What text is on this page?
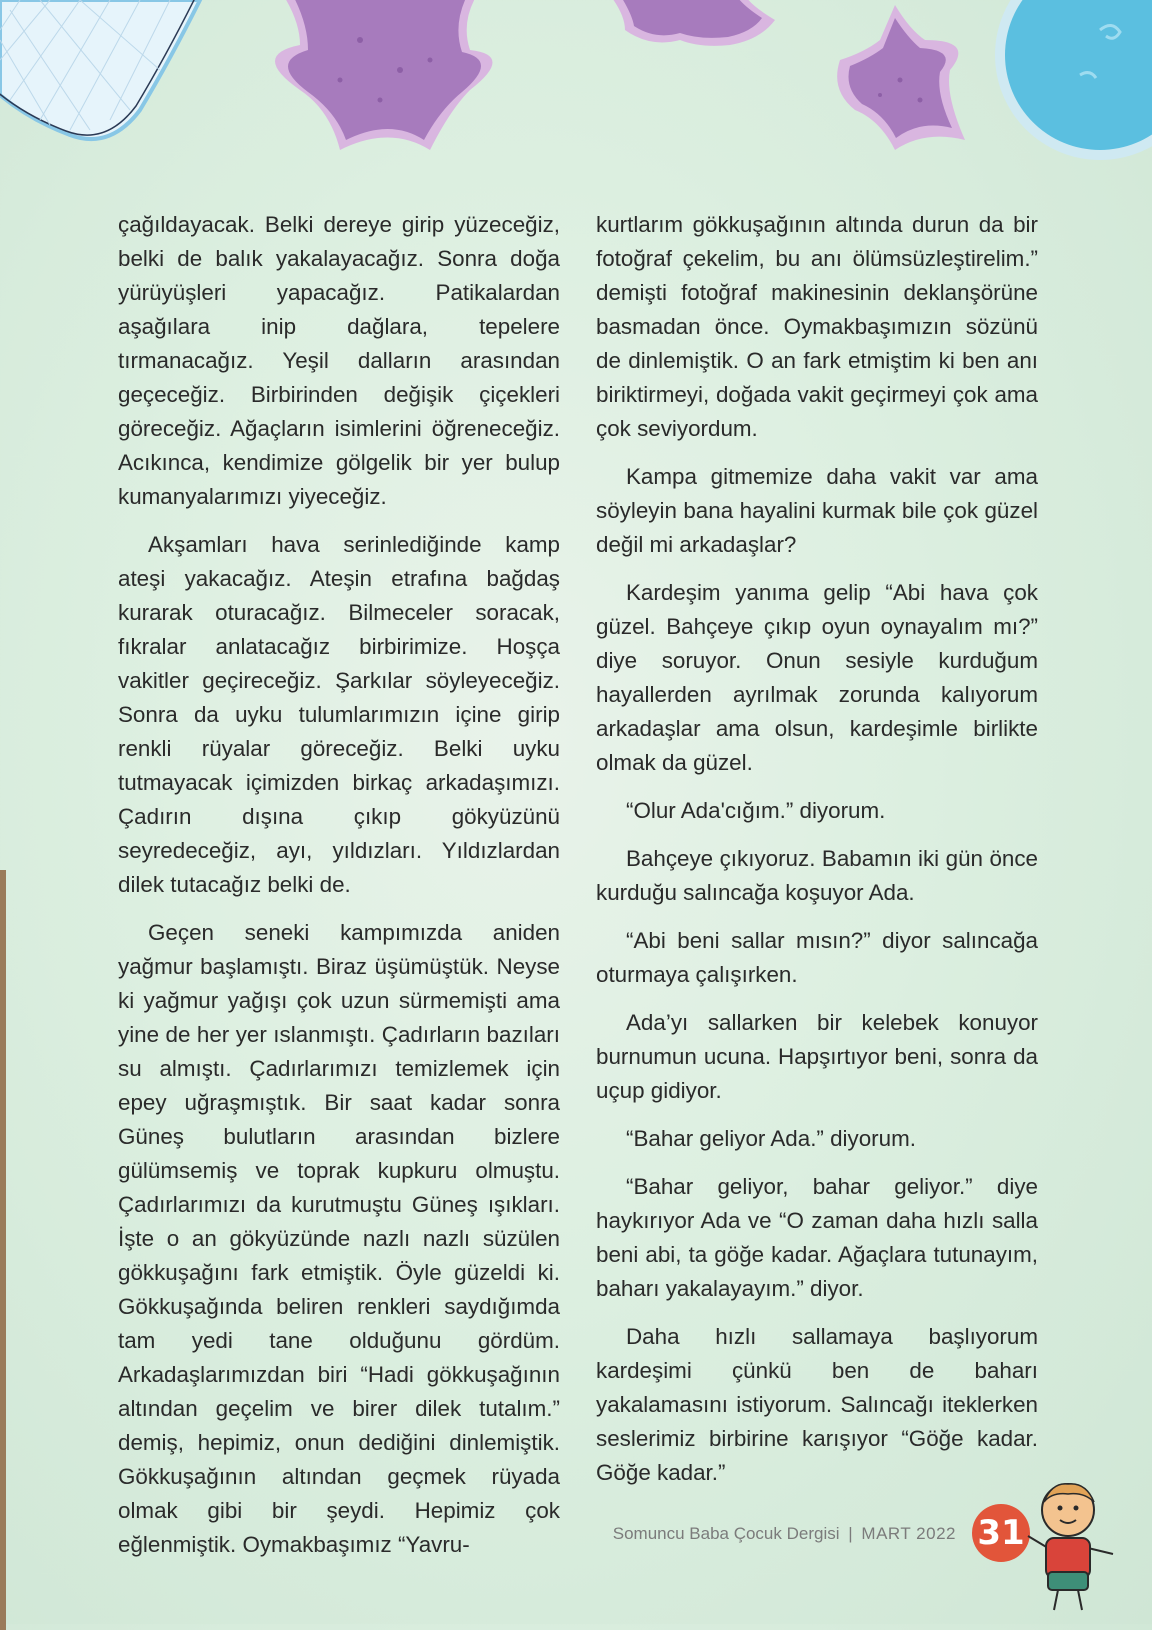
çağıldayacak. Belki dereye girip yüzeceğiz, belki de balık yakalayacağız. Sonra doğa yürüyüşleri yapacağız. Patikalardan aşağılara inip dağlara, tepelere tırmanacağız. Yeşil dalların arasından geçeceğiz. Birbirinden değişik çiçekleri göreceğiz. Ağaçların isimlerini öğreneceğiz. Acıkınca, kendimize gölgelik bir yer bulup kumanyalarımızı yiyeceğiz.

Akşamları hava serinlediğinde kamp ateşi yakacağız. Ateşin etrafına bağdaş kurarak oturacağız. Bilmeceler soracak, fıkralar anlatacağız birbirimize. Hoşça vakitler geçireceğiz. Şarkılar söyleyeceğiz. Sonra da uyku tulumlarımızın içine girip renkli rüyalar göreceğiz. Belki uyku tutmayacak içimizden birkaç arkadaşımızı. Çadırın dışına çıkıp gökyüzünü seyredeceğiz, ayı, yıldızları. Yıldızlardan dilek tutacağız belki de.

Geçen seneki kampımızda aniden yağmur başlamıştı. Biraz üşümüştük. Neyse ki yağmur yağışı çok uzun sürmemişti ama yine de her yer ıslanmıştı. Çadırların bazıları su almıştı. Çadırlarımızı temizlemek için epey uğraşmıştık. Bir saat kadar sonra Güneş bulutların arasından bizlere gülümsemiş ve toprak kupkuru olmuştu. Çadırlarımızı da kurutmuştu Güneş ışıkları. İşte o an gökyüzünde nazlı nazlı süzülen gökkuşağını fark etmiştik. Öyle güzeldi ki. Gökkuşağında beliren renkleri saydığımda tam yedi tane olduğunu gördüm. Arkadaşlarımızdan biri “Hadi gökkuşağının altından geçelim ve birer dilek tutalım.” demiş, hepimiz, onun dediğini dinlemiştik. Gökkuşağının altından geçmek rüyada olmak gibi bir şeydi. Hepimiz çok eğlenmiştik. Oymakbaşımız “Yavru-

kurtlarım gökkuşağının altında durun da bir fotoğraf çekelim, bu anı ölümsüzleştirelim.” demişti fotoğraf makinesinin deklanşörüne basmadan önce. Oymakbaşımızın sözünü de dinlemiştik. O an fark etmiştim ki ben anı biriktirmeyi, doğada vakit geçirmeyi çok ama çok seviyordum.

Kampa gitmemize daha vakit var ama söyleyin bana hayalini kurmak bile çok güzel değil mi arkadaşlar?

Kardeşim yanıma gelip “Abi hava çok güzel. Bahçeye çıkıp oyun oynayalım mı?” diye soruyor. Onun sesiyle kurduğum hayallerden ayrılmak zorunda kalıyorum arkadaşlar ama olsun, kardeşimle birlikte olmak da güzel.

“Olur Ada'cığım.” diyorum.

Bahçeye çıkıyoruz. Babamın iki gün önce kurduğu salıncağa koşuyor Ada.

“Abi beni sallar mısın?” diyor salıncağa oturmaya çalışırken.

Ada’yı sallarken bir kelebek konuyor burnumun ucuna. Hapşırtıyor beni, sonra da uçup gidiyor.

“Bahar geliyor Ada.” diyorum.

“Bahar geliyor, bahar geliyor.” diye haykırıyor Ada ve “O zaman daha hızlı salla beni abi, ta göğe kadar. Ağaçlara tutunayım, baharı yakalayayım.” diyor.

Daha hızlı sallamaya başlıyorum kardeşimi çünkü ben de baharı yakalamasını istiyorum. Salıncağı iteklerken seslerimiz birbirine karışıyor “Göğe kadar. Göğe kadar.”

Somuncu Baba Çocuk Dergisi | MART 2022 31
